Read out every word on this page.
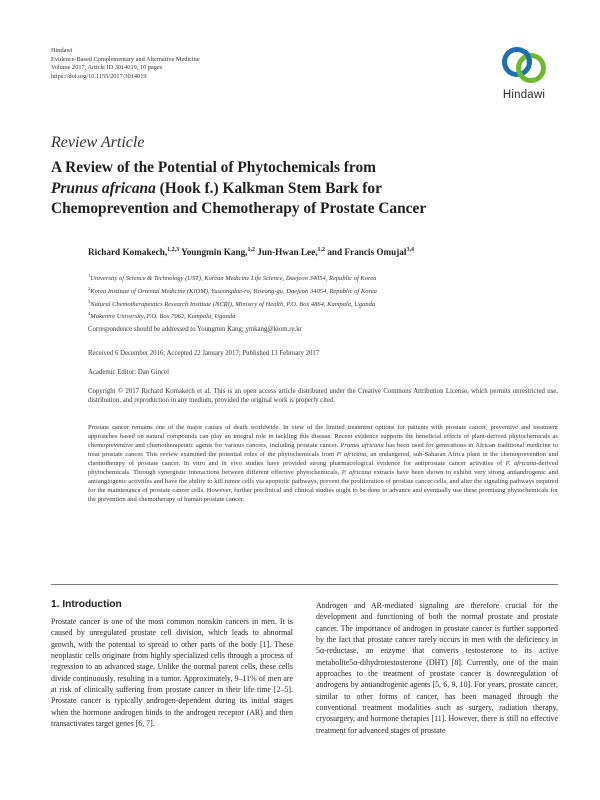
Hindawi
Evidence-Based Complementary and Alternative Medicine
Volume 2017, Article ID 3014019, 10 pages
https://doi.org/10.1155/2017/3014019
Hindawi
Review Article
A Review of the Potential of Phytochemicals from
Prunus africana (Hook f.) Kalkman Stem Bark for
Chemoprevention and Chemotherapy of Prostate Cancer
Richard Komakech,$^{1,2,3}$ Youngmin Kang,$^{1,2}$ Jun-Hwan Lee,$^{1,2}$ and Francis Omujal$^{3,4}$
$^1$University of Science & Technology (UST), Korean Medicine Life Science, Daejeon 34054, Republic of Korea
$^2$Korea Institute of Oriental Medicine (KIOM), Yuseongdae-ro, Yuseong-gu, Daejeon 34054, Republic of Korea
$^3$Natural Chemotherapeutics Research Institute (NCRI), Ministry of Health, P.O. Box 4864, Kampala, Uganda
$^4$Makerere University, P.O. Box 7062, Kampala, Uganda
Correspondence should be addressed to Youngmin Kang; ymkang@kiom.re.kr
Received 6 December 2016; Accepted 22 January 2017; Published 13 February 2017
Academic Editor: Dan Gincel
Copyright © 2017 Richard Komakech et al. This is an open access article distributed under the Creative Commons Attribution License, which permits unrestricted use, distribution, and reproduction in any medium, provided the original work is properly cited.
Prostate cancer remains one of the major causes of death worldwide. In view of the limited treatment options for patients with prostate cancer, preventive and treatment approaches based on natural compounds can play an integral role in tackling this disease. Recent evidence supports the beneficial effects of plant-derived phytochemicals as chemopreventive and chemotherapeutic agents for various cancers, including prostate cancer. Prunus africana has been used for generations in African traditional medicine to treat prostate cancer. This review examined the potential roles of the phytochemicals from P. africana, an endangered, sub-Saharan Africa plant in the chemoprevention and chemotherapy of prostate cancer. In vitro and in vivo studies have provided strong pharmacological evidence for antiprostate cancer activities of P. africana-derived phytochemicals. Through synergistic interactions between different effective phytochemicals, P. africana extracts have been shown to exhibit very strong antiandrogenic and antiangiogenic activities and have the ability to kill tumor cells via apoptotic pathways, prevent the proliferation of prostate cancer cells, and alter the signaling pathways required for the maintenance of prostate cancer cells. However, further preclinical and clinical studies ought to be done to advance and eventually use these promising phytochemicals for the prevention and chemotherapy of human prostate cancer.
1. Introduction
Prostate cancer is one of the most common nonskin cancers in men. It is caused by unregulated prostate cell division, which leads to abnormal growth, with the potential to spread to other parts of the body [1]. These neoplastic cells originate from highly specialized cells through a process of regression to an advanced stage. Unlike the normal parent cells, these cells divide continuously, resulting in a tumor. Approximately, 9–11% of men are at risk of clinically suffering from prostate cancer in their life time [2–5]. Prostate cancer is typically androgen-dependent during its initial stages when the hormone androgen binds to the androgen receptor (AR) and then transactivates target genes [6, 7].
Androgen and AR-mediated signaling are therefore crucial for the development and functioning of both the normal prostate and prostate cancer. The importance of androgen in prostate cancer is further supported by the fact that prostate cancer rarely occurs in men with the deficiency in 5α-reductase, an enzyme that converts testosterone to its active metabolite5α-dihydrotestosterone (DHT) [8]. Currently, one of the main approaches to the treatment of prostate cancer is downregulation of androgens by antiandrogenic agents [5, 6, 9, 10]. For years, prostate cancer, similar to other forms of cancer, has been managed through the conventional treatment modalities such as surgery, radiation therapy, cryosurgery, and hormone therapies [11]. However, there is still no effective treatment for advanced stages of prostate
